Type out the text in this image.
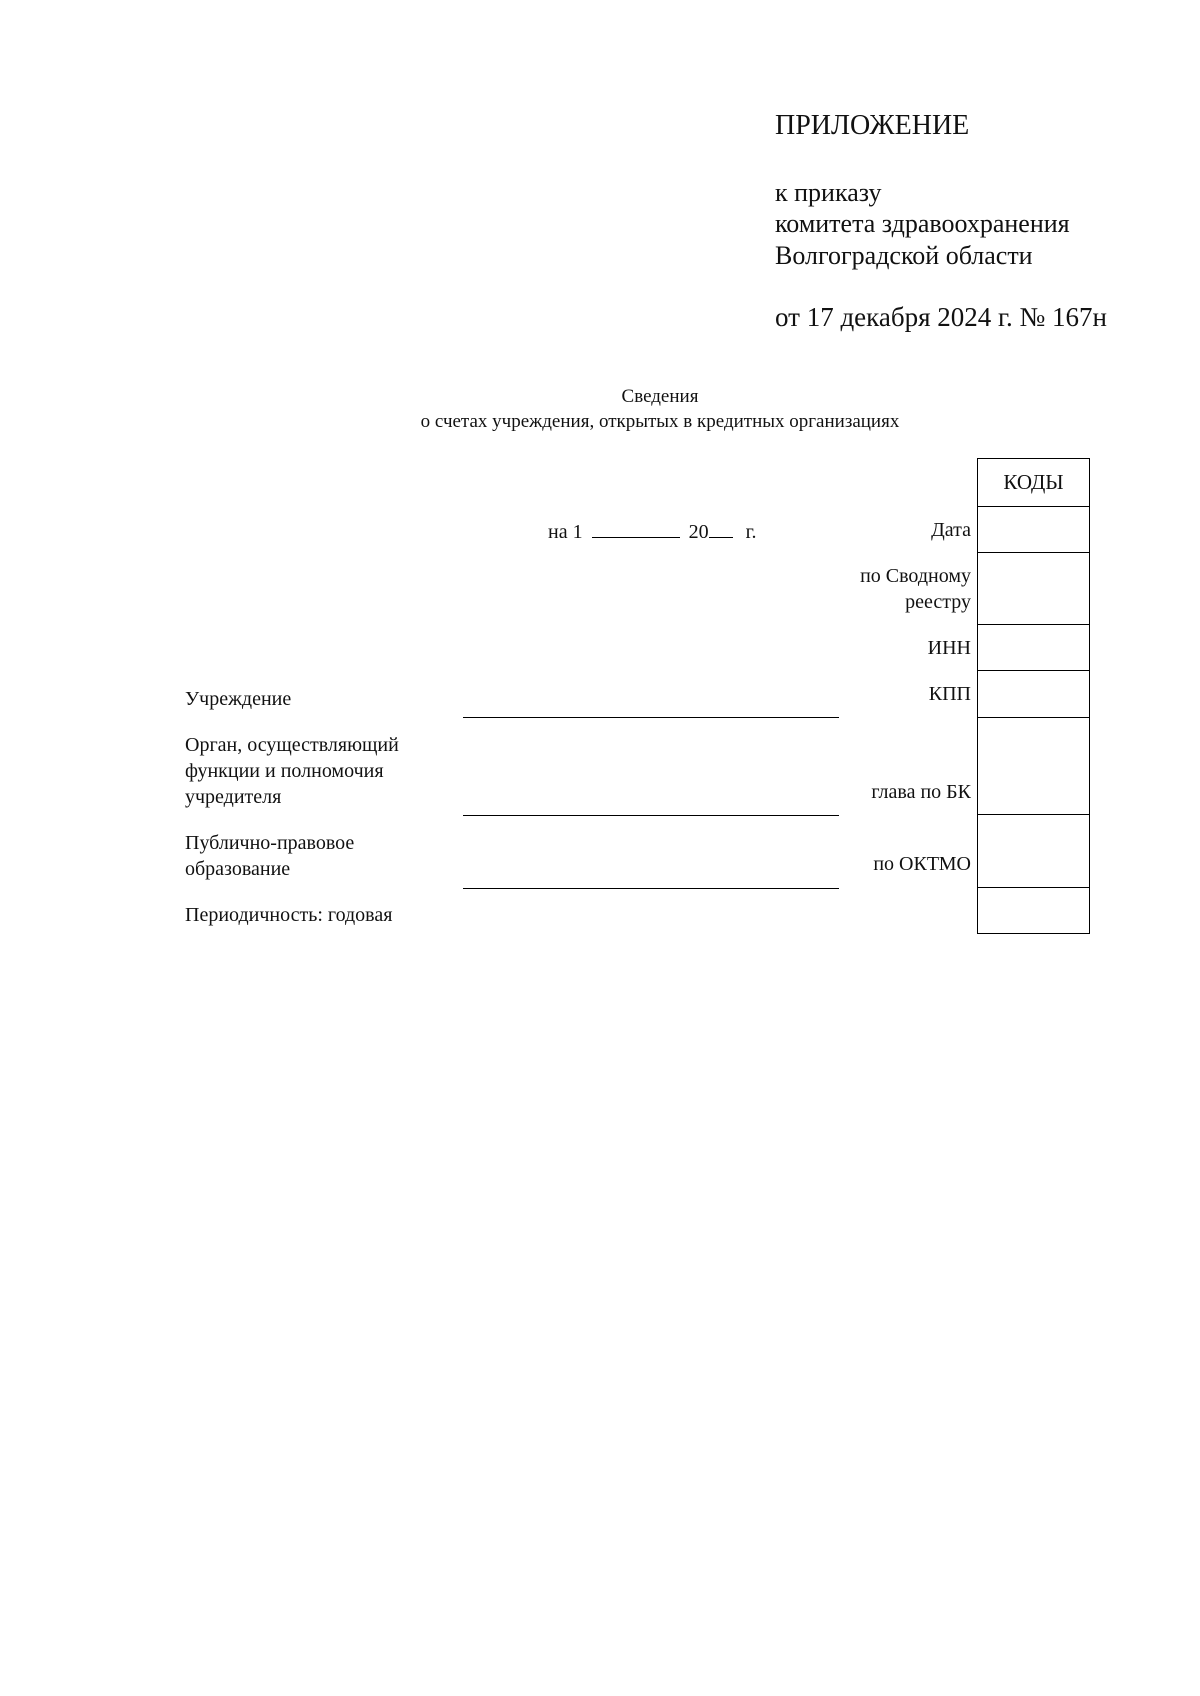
ПРИЛОЖЕНИЕ
к приказу
комитета здравоохранения
Волгоградской области
от 17 декабря 2024 г. № 167н
Сведения
о счетах учреждения, открытых в кредитных организациях
на 1	20 г.
КОДЫ
Дата
по Сводному
реестру
ИНН
КПП
глава по БК
по ОКТМО
Учреждение
Орган, осуществляющий
функции и полномочия
учредителя
Публично-правовое
образование
Периодичность: годовая
